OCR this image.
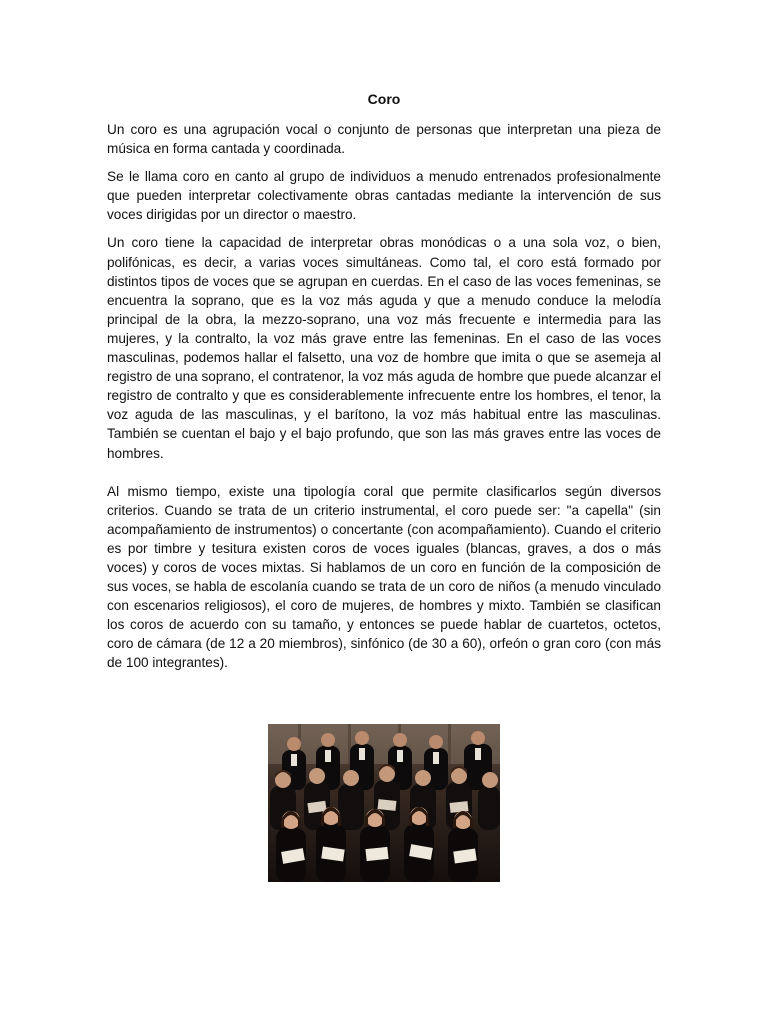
Coro

Un coro es una agrupación vocal o conjunto de personas que interpretan una pieza de música en forma cantada y coordinada.

Se le llama coro en canto al grupo de individuos a menudo entrenados profesionalmente que pueden interpretar colectivamente obras cantadas mediante la intervención de sus voces dirigidas por un director o maestro.

Un coro tiene la capacidad de interpretar obras monódicas o a una sola voz, o bien, polifónicas, es decir, a varias voces simultáneas. Como tal, el coro está formado por distintos tipos de voces que se agrupan en cuerdas. En el caso de las voces femeninas, se encuentra la soprano, que es la voz más aguda y que a menudo conduce la melodía principal de la obra, la mezzo-soprano, una voz más frecuente e intermedia para las mujeres, y la contralto, la voz más grave entre las femeninas. En el caso de las voces masculinas, podemos hallar el falsetto, una voz de hombre que imita o que se asemeja al registro de una soprano, el contratenor, la voz más aguda de hombre que puede alcanzar el registro de contralto y que es considerablemente infrecuente entre los hombres, el tenor, la voz aguda de las masculinas, y el barítono, la voz más habitual entre las masculinas. También se cuentan el bajo y el bajo profundo, que son las más graves entre las voces de hombres.

Al mismo tiempo, existe una tipología coral que permite clasificarlos según diversos criterios. Cuando se trata de un criterio instrumental, el coro puede ser: "a capella" (sin acompañamiento de instrumentos) o concertante (con acompañamiento). Cuando el criterio es por timbre y tesitura existen coros de voces iguales (blancas, graves, a dos o más voces) y coros de voces mixtas. Si hablamos de un coro en función de la composición de sus voces, se habla de escolanía cuando se trata de un coro de niños (a menudo vinculado con escenarios religiosos), el coro de mujeres, de hombres y mixto. También se clasifican los coros de acuerdo con su tamaño, y entonces se puede hablar de cuartetos, octetos, coro de cámara (de 12 a 20 miembros), sinfónico (de 30 a 60), orfeón o gran coro (con más de 100 integrantes).
